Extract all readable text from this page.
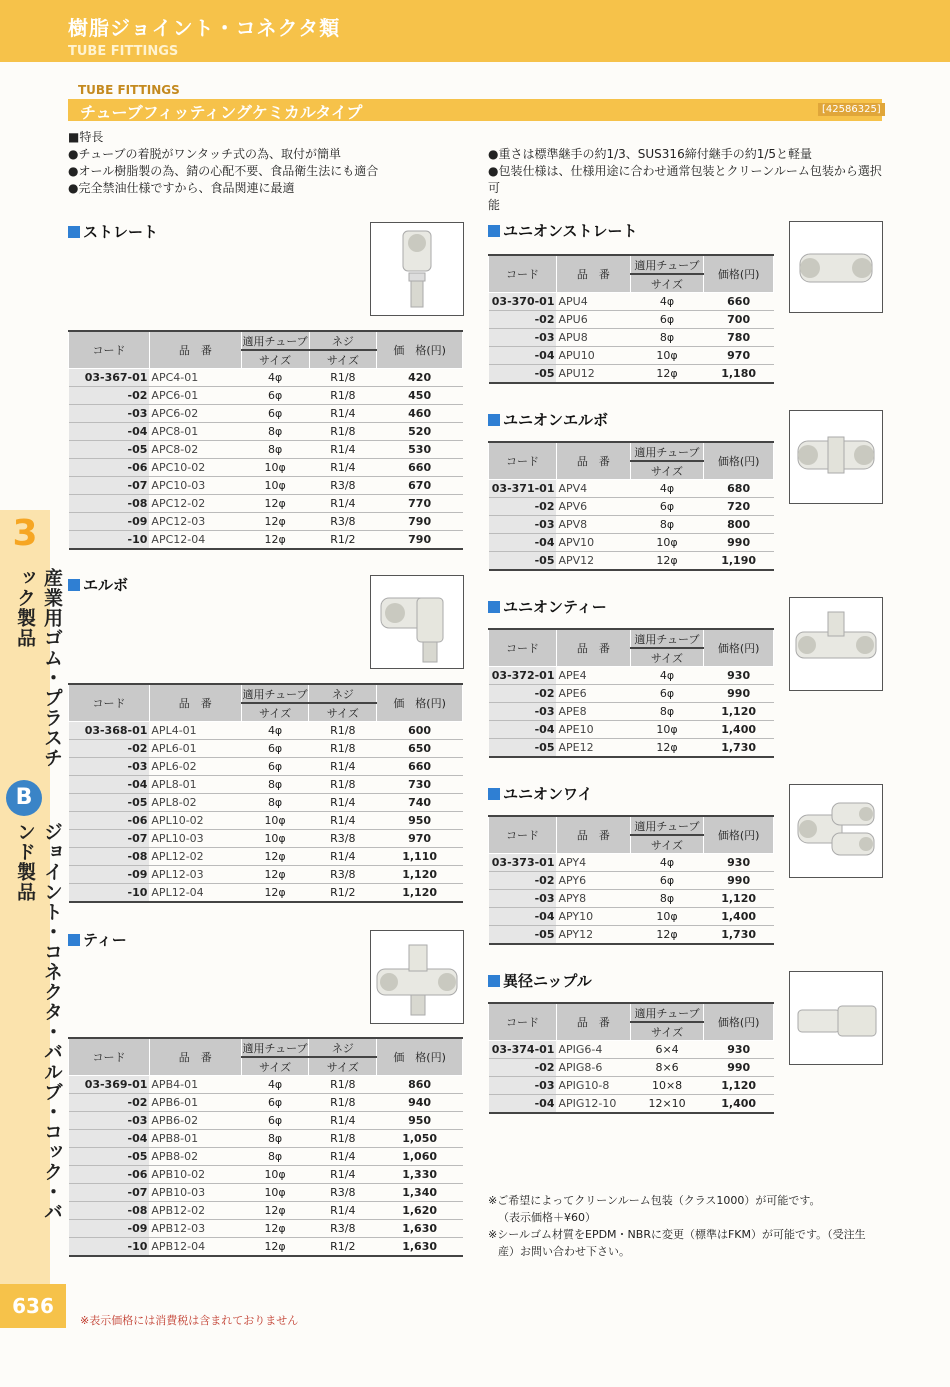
樹脂ジョイント・コネクタ類
TUBE FITTINGS
TUBE FITTINGS
チューブフィッティングケミカルタイプ	[42586325]
■特長
●チューブの着脱がワンタッチ式の為、取付が簡単
●オール樹脂製の為、錆の心配不要、食品衛生法にも適合
●完全禁油仕様ですから、食品関連に最適
●重さは標準継手の約1/3、SUS316締付継手の約1/5と軽量
●包装仕様は、仕様用途に合わせ通常包装とクリーンルーム包装から選択可
能
3
産業用ゴム・プラスチック製品
B
ジョイント・コネクタ・バルブ・コック・バンド製品
636
※表示価格には消費税は含まれておりません
ストレート
エルボ
ティー
ユニオンストレート
ユニオンエルボ
ユニオンティー
ユニオンワイ
異径ニップル
コード	品　番	適用チューブ	ネジ	価　格(円)
		サイズ	サイズ	
03-367-01	APC4-01	4φ	R1/8	420
-02	APC6-01	6φ	R1/8	450
-03	APC6-02	6φ	R1/4	460
-04	APC8-01	8φ	R1/8	520
-05	APC8-02	8φ	R1/4	530
-06	APC10-02	10φ	R1/4	660
-07	APC10-03	10φ	R3/8	670
-08	APC12-02	12φ	R1/4	770
-09	APC12-03	12φ	R3/8	790
-10	APC12-04	12φ	R1/2	790
コード	品　番	適用チューブ	ネジ	価　格(円)
		サイズ	サイズ	
03-368-01	APL4-01	4φ	R1/8	600
-02	APL6-01	6φ	R1/8	650
-03	APL6-02	6φ	R1/4	660
-04	APL8-01	8φ	R1/8	730
-05	APL8-02	8φ	R1/4	740
-06	APL10-02	10φ	R1/4	950
-07	APL10-03	10φ	R3/8	970
-08	APL12-02	12φ	R1/4	1,110
-09	APL12-03	12φ	R3/8	1,120
-10	APL12-04	12φ	R1/2	1,120
コード	品　番	適用チューブ	ネジ	価　格(円)
		サイズ	サイズ	
03-369-01	APB4-01	4φ	R1/8	860
-02	APB6-01	6φ	R1/8	940
-03	APB6-02	6φ	R1/4	950
-04	APB8-01	8φ	R1/8	1,050
-05	APB8-02	8φ	R1/4	1,060
-06	APB10-02	10φ	R1/4	1,330
-07	APB10-03	10φ	R3/8	1,340
-08	APB12-02	12φ	R1/4	1,620
-09	APB12-03	12φ	R3/8	1,630
-10	APB12-04	12φ	R1/2	1,630
コード	品　番	適用チューブ	価格(円)
		サイズ	
03-370-01	APU4	4φ	660
-02	APU6	6φ	700
-03	APU8	8φ	780
-04	APU10	10φ	970
-05	APU12	12φ	1,180
コード	品　番	適用チューブ	価格(円)
		サイズ	
03-371-01	APV4	4φ	680
-02	APV6	6φ	720
-03	APV8	8φ	800
-04	APV10	10φ	990
-05	APV12	12φ	1,190
コード	品　番	適用チューブ	価格(円)
		サイズ	
03-372-01	APE4	4φ	930
-02	APE6	6φ	990
-03	APE8	8φ	1,120
-04	APE10	10φ	1,400
-05	APE12	12φ	1,730
コード	品　番	適用チューブ	価格(円)
		サイズ	
03-373-01	APY4	4φ	930
-02	APY6	6φ	990
-03	APY8	8φ	1,120
-04	APY10	10φ	1,400
-05	APY12	12φ	1,730
コード	品　番	適用チューブ	価格(円)
		サイズ	
03-374-01	APIG6-4	6×4	930
-02	APIG8-6	8×6	990
-03	APIG10-8	10×8	1,120
-04	APIG12-10	12×10	1,400
※ご希望によってクリーンルーム包装（クラス1000）が可能です。
（表示価格＋¥60）
※シールゴム材質をEPDM・NBRに変更（標準はFKM）が可能です。（受注生
産）お問い合わせ下さい。
